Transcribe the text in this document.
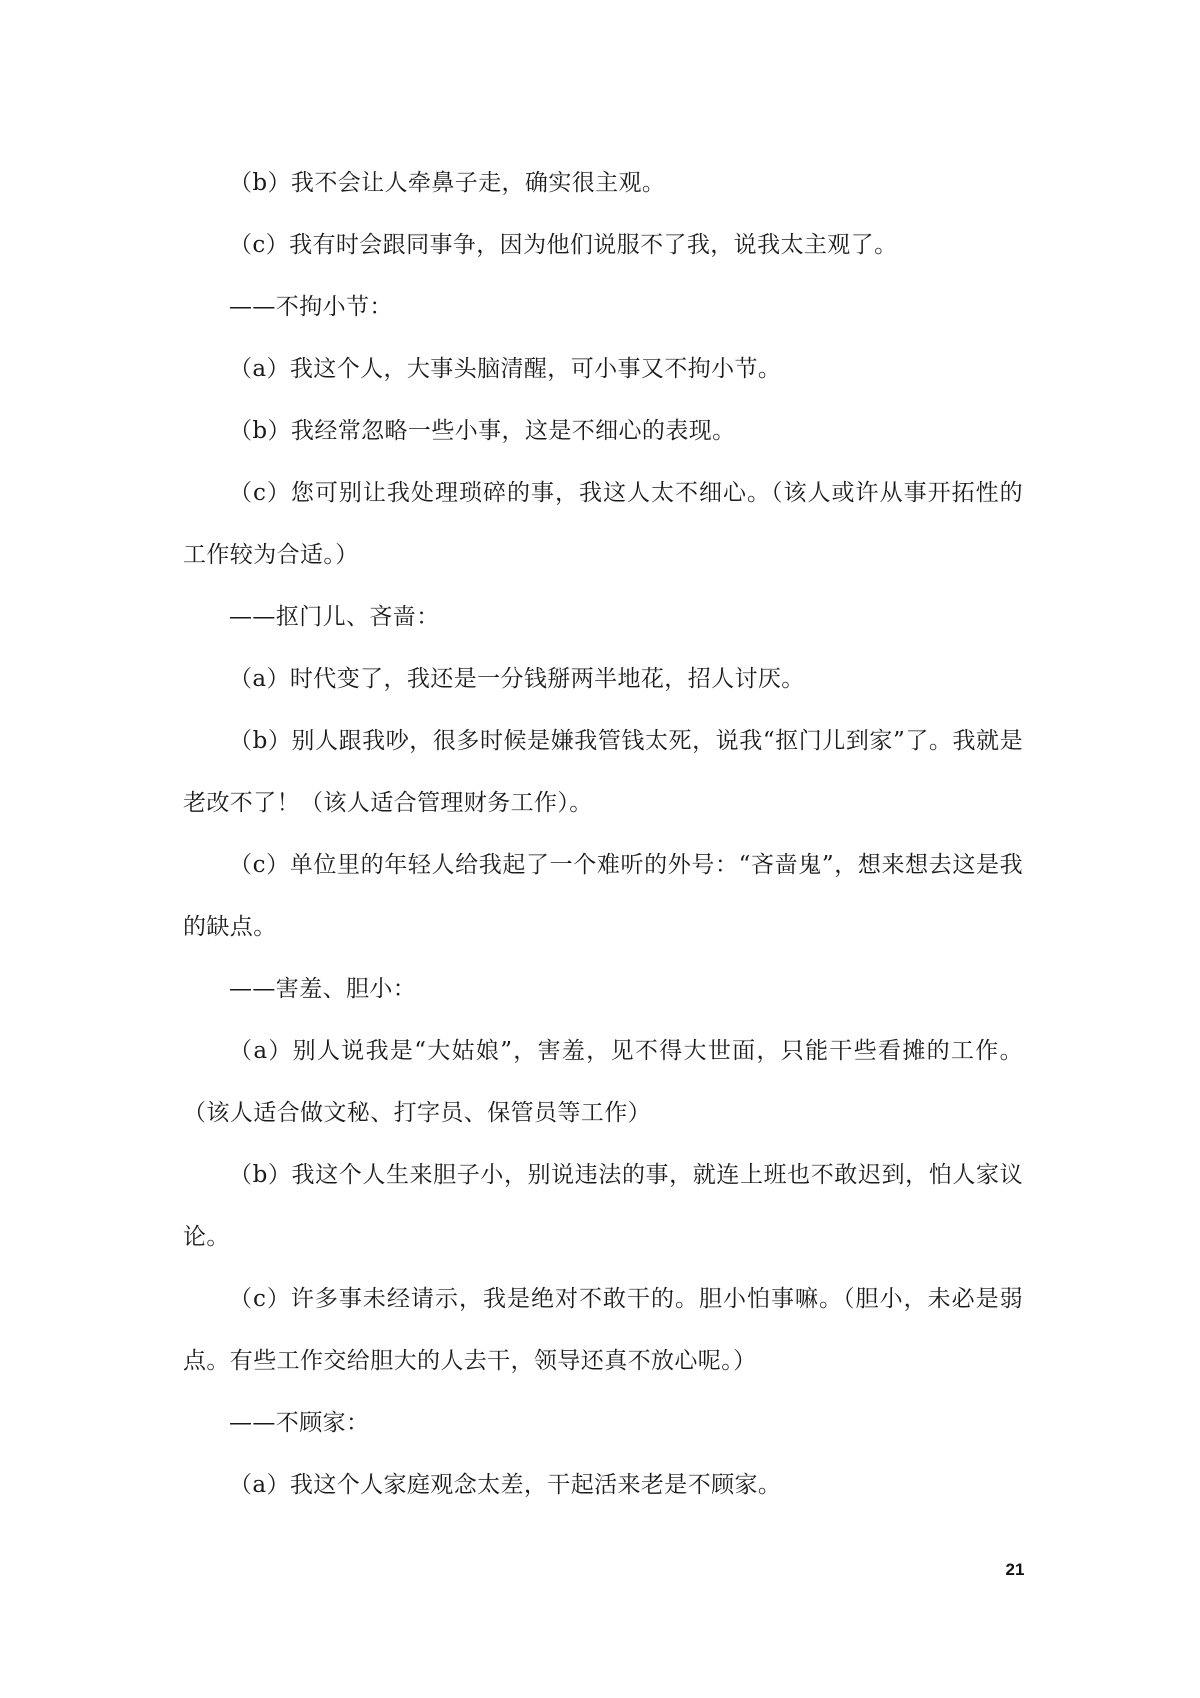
（b）我不会让人牵鼻子走，确实很主观。

（c）我有时会跟同事争，因为他们说服不了我，说我太主观了。

——不拘小节：

（a）我这个人，大事头脑清醒，可小事又不拘小节。

（b）我经常忽略一些小事，这是不细心的表现。

（c）您可别让我处理琐碎的事，我这人太不细心。（该人或许从事开拓性的工作较为合适。）

——抠门儿、吝啬：

（a）时代变了，我还是一分钱掰两半地花，招人讨厌。

（b）别人跟我吵，很多时候是嫌我管钱太死，说我“抠门儿到家”了。我就是老改不了！（该人适合管理财务工作）。

（c）单位里的年轻人给我起了一个难听的外号：“吝啬鬼”，想来想去这是我的缺点。

——害羞、胆小：

（a）别人说我是“大姑娘”，害羞，见不得大世面，只能干些看摊的工作。（该人适合做文秘、打字员、保管员等工作）

（b）我这个人生来胆子小，别说违法的事，就连上班也不敢迟到，怕人家议论。

（c）许多事未经请示，我是绝对不敢干的。胆小怕事嘛。（胆小，未必是弱点。有些工作交给胆大的人去干，领导还真不放心呢。）

——不顾家：

（a）我这个人家庭观念太差，干起活来老是不顾家。

21
